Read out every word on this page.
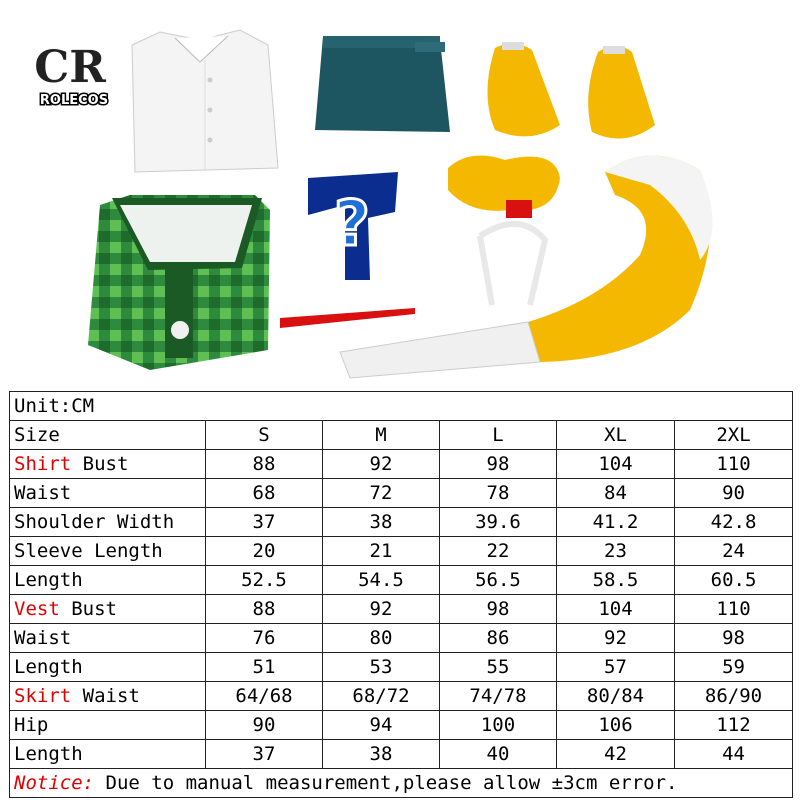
?
CR
ROLECOS
Unit:CM					
Size	S	M	L	XL	2XL
Shirt Bust	88	92	98	104	110
Waist	68	72	78	84	90
Shoulder Width	37	38	39.6	41.2	42.8
Sleeve Length	20	21	22	23	24
Length	52.5	54.5	56.5	58.5	60.5
Vest Bust	88	92	98	104	110
Waist	76	80	86	92	98
Length	51	53	55	57	59
Skirt Waist	64/68	68/72	74/78	80/84	86/90
Hip	90	94	100	106	112
Length	37	38	40	42	44
Notice: Due to manual measurement,please allow ±3cm error.					
